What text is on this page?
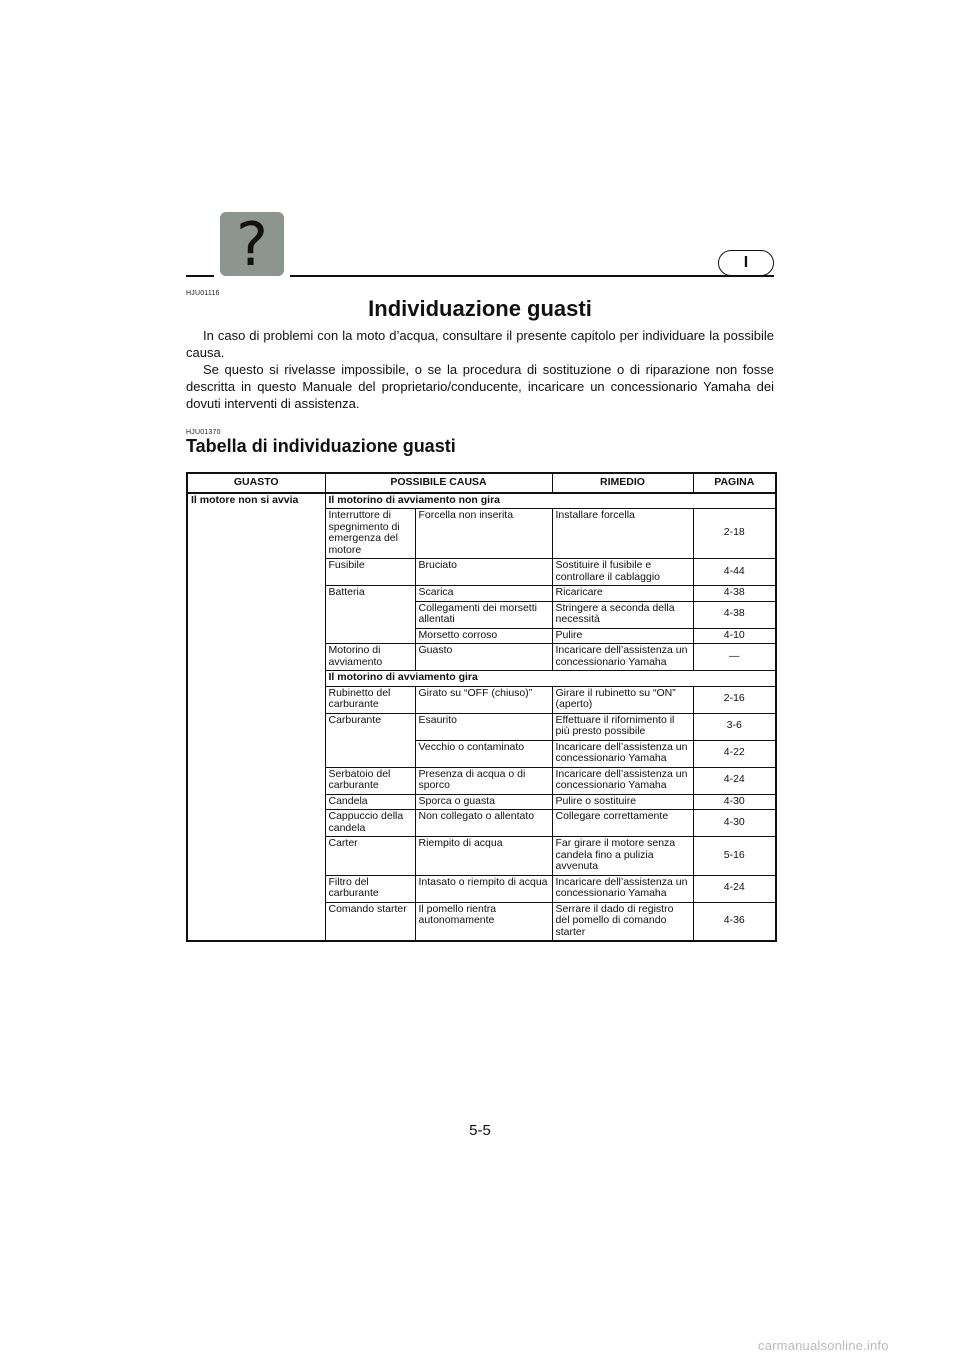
?	I
HJU01116
Individuazione guasti

In caso di problemi con la moto d’acqua, consultare il presente capitolo per individuare la possibile causa.

Se questo si rivelasse impossibile, o se la procedura di sostituzione o di riparazione non fosse descritta in questo Manuale del proprietario/conducente, incaricare un concessionario Yamaha dei dovuti interventi di assistenza.

HJU01370
Tabella di individuazione guasti
GUASTO	POSSIBILE CAUSA		RIMEDIO	PAGINA
Il motore non si avvia	Il motorino di avviamento non gira			
	Interruttore di spegnimento di emergenza del motore	Forcella non inserita	Installare forcella	2-18
	Fusibile	Bruciato	Sostituire il fusibile e controllare il cablaggio	4-44
	Batteria	Scarica	Ricaricare	4-38
		Collegamenti dei morsetti allentati	Stringere a seconda della necessità	4-38
		Morsetto corroso	Pulire	4-10
	Motorino di avviamento	Guasto	Incaricare dell’assistenza un concessionario Yamaha	—
	Il motorino di avviamento gira			
	Rubinetto del carburante	Girato su “OFF (chiuso)”	Girare il rubinetto su “ON” (aperto)	2-16
	Carburante	Esaurito	Effettuare il rifornimento il più presto possibile	3-6
		Vecchio o contaminato	Incaricare dell’assistenza un concessionario Yamaha	4-22
	Serbatoio del carburante	Presenza di acqua o di sporco	Incaricare dell’assistenza un concessionario Yamaha	4-24
	Candela	Sporca o guasta	Pulire o sostituire	4-30
	Cappuccio della candela	Non collegato o allentato	Collegare correttamente	4-30
	Carter	Riempito di acqua	Far girare il motore senza candela fino a pulizia avvenuta	5-16
	Filtro del carburante	Intasato o riempito di acqua	Incaricare dell’assistenza un concessionario Yamaha	4-24
	Comando starter	Il pomello rientra autonomamente	Serrare il dado di registro del pomello di comando starter	4-36
5-5
carmanualsonline.info
